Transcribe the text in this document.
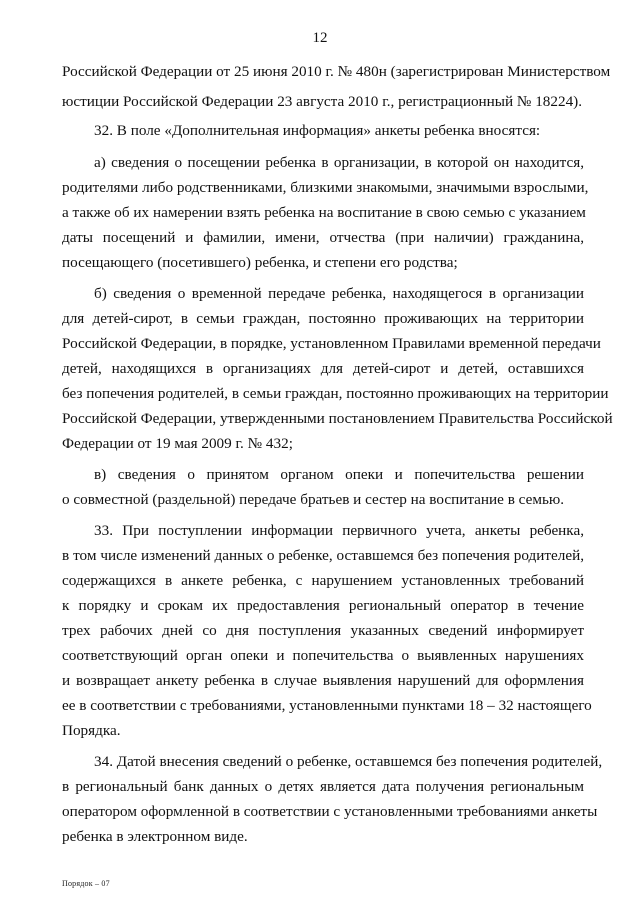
12
Российской Федерации от 25 июня 2010 г. № 480н (зарегистрирован Министерством
юстиции Российской Федерации 23 августа 2010 г., регистрационный № 18224).
32. В поле «Дополнительная информация» анкеты ребенка вносятся:
а) сведения о посещении ребенка в организации, в которой он находится,
родителями либо родственниками, близкими знакомыми, значимыми взрослыми,
а также об их намерении взять ребенка на воспитание в свою семью с указанием
даты посещений и фамилии, имени, отчества (при наличии) гражданина,
посещающего (посетившего) ребенка, и степени его родства;
б) сведения о временной передаче ребенка, находящегося в организации
для детей-сирот, в семьи граждан, постоянно проживающих на территории
Российской Федерации, в порядке, установленном Правилами временной передачи
детей, находящихся в организациях для детей-сирот и детей, оставшихся
без попечения родителей, в семьи граждан, постоянно проживающих на территории
Российской Федерации, утвержденными постановлением Правительства Российской
Федерации от 19 мая 2009 г. № 432;
в) сведения о принятом органом опеки и попечительства решении
о совместной (раздельной) передаче братьев и сестер на воспитание в семью.
33. При поступлении информации первичного учета, анкеты ребенка,
в том числе изменений данных о ребенке, оставшемся без попечения родителей,
содержащихся в анкете ребенка, с нарушением установленных требований
к порядку и срокам их предоставления региональный оператор в течение
трех рабочих дней со дня поступления указанных сведений информирует
соответствующий орган опеки и попечительства о выявленных нарушениях
и возвращает анкету ребенка в случае выявления нарушений для оформления
ее в соответствии с требованиями, установленными пунктами 18 – 32 настоящего
Порядка.
34. Датой внесения сведений о ребенке, оставшемся без попечения родителей,
в региональный банк данных о детях является дата получения региональным
оператором оформленной в соответствии с установленными требованиями анкеты
ребенка в электронном виде.
Порядок – 07
